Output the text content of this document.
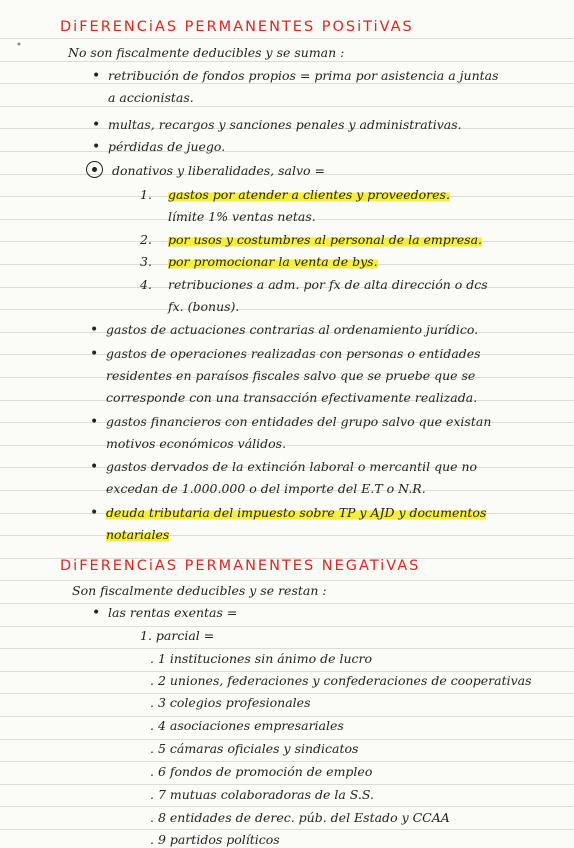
DiFERENCiAS PERMANENTES POSiTiVAS
•	No son fiscalmente deducibles y se suman :
• retribución de fondos propios = prima por asistencia a juntas
a accionistas.
• multas, recargos y sanciones penales y administrativas.
• pérdidas de juego.
donativos y liberalidades, salvo =
1. gastos por atender a clientes y proveedores.
límite 1% ventas netas.
2. por usos y costumbres al personal de la empresa.
3. por promocionar la venta de bys.
4. retribuciones a adm. por fx de alta dirección o dcs
fx. (bonus).
• gastos de actuaciones contrarias al ordenamiento jurídico.
• gastos de operaciones realizadas con personas o entidades
residentes en paraísos fiscales salvo que se pruebe que se
corresponde con una transacción efectivamente realizada.
• gastos financieros con entidades del grupo salvo que existan
motivos económicos válidos.
• gastos dervados de la extinción laboral o mercantil que no
excedan de 1.000.000 o del importe del E.T o N.R.
• deuda tributaria del impuesto sobre TP y AJD y documentos
notariales
DiFERENCiAS PERMANENTES NEGATiVAS
Son fiscalmente deducibles y se restan :
• las rentas exentas =
1. parcial =
. 1 instituciones sin ánimo de lucro
. 2 uniones, federaciones y confederaciones de cooperativas
. 3 colegios profesionales
. 4 asociaciones empresariales
. 5 cámaras oficiales y sindicatos
. 6 fondos de promoción de empleo
. 7 mutuas colaboradoras de la S.S.
. 8 entidades de derec. púb. del Estado y CCAA
. 9 partidos políticos
